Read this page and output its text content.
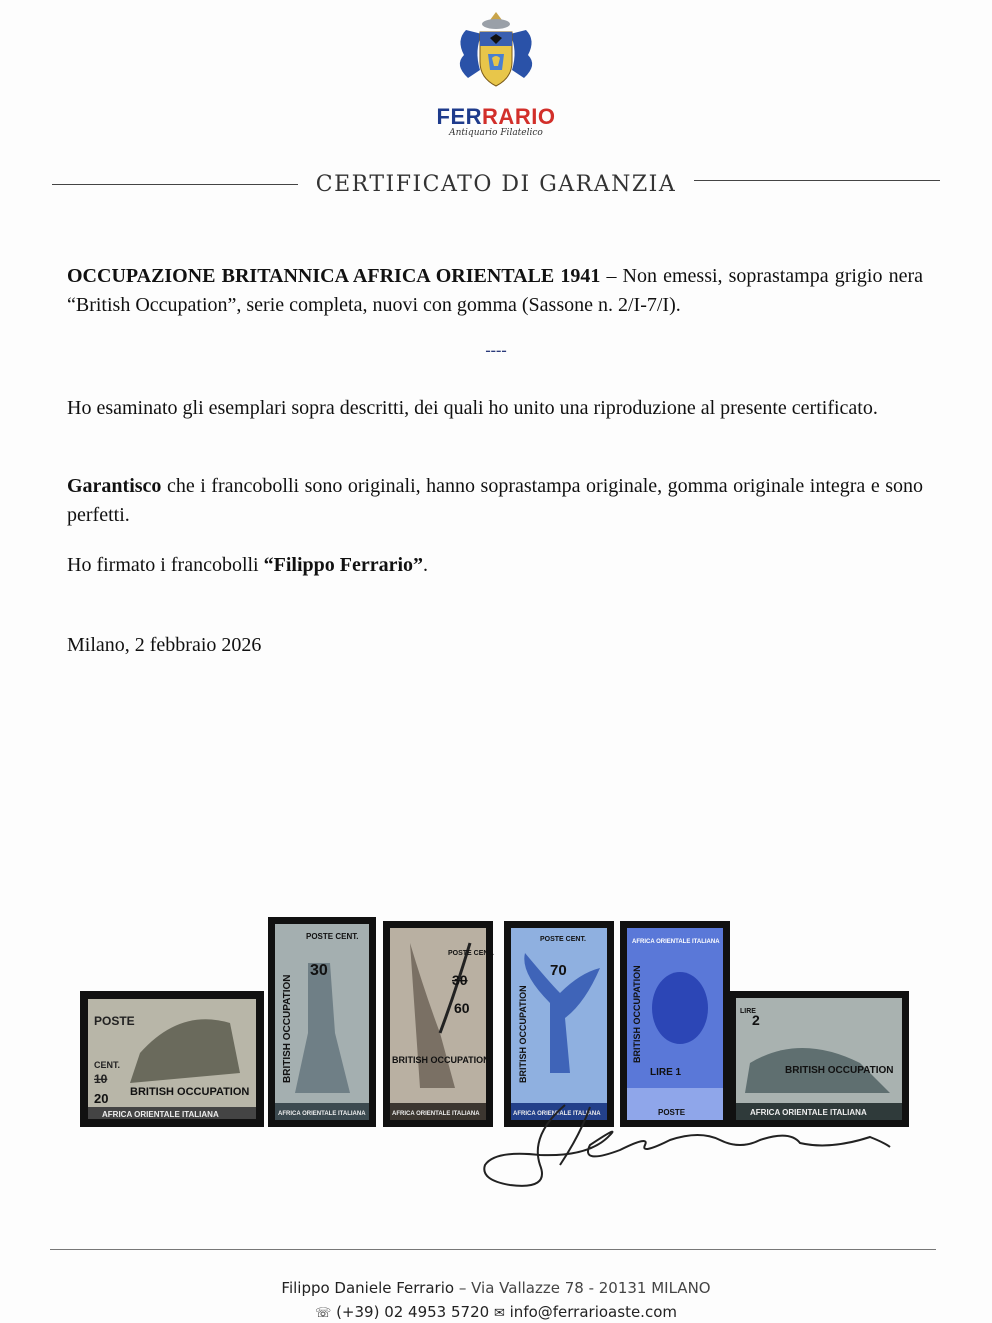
FERRARIO
Antiquario Filatelico
CERTIFICATO DI GARANZIA
OCCUPAZIONE BRITANNICA AFRICA ORIENTALE 1941 – Non emessi, soprastampa grigio nera “British Occupation”, serie completa, nuovi con gomma (Sassone n. 2/I-7/I).
----
Ho esaminato gli esemplari sopra descritti, dei quali ho unito una riproduzione al presente certificato.
Garantisco che i francobolli sono originali, hanno soprastampa originale, gomma originale integra e sono perfetti.
Ho firmato i francobolli “Filippo Ferrario”.
Milano, 2 febbraio 2026
POSTE
CENT.
10
20 BRITISH OCCUPATION
AFRICA ORIENTALE ITALIANA
POSTE CENT.
30
BRITISH OCCUPATION
AFRICA ORIENTALE ITALIANA
POSTE CENT.
30
60
BRITISH OCCUPATION
AFRICA ORIENTALE ITALIANA
POSTE CENT.
70
BRITISH OCCUPATION
AFRICA ORIENTALE ITALIANA
AFRICA ORIENTALE ITALIANA
LIRE 1
BRITISH OCCUPATION
POSTE
LIRE
2
BRITISH OCCUPATION
AFRICA ORIENTALE ITALIANA
Filippo Daniele Ferrario – Via Vallazze 78 - 20131 MILANO
☏ (+39) 02 4953 5720 ✉ info@ferrarioaste.com
